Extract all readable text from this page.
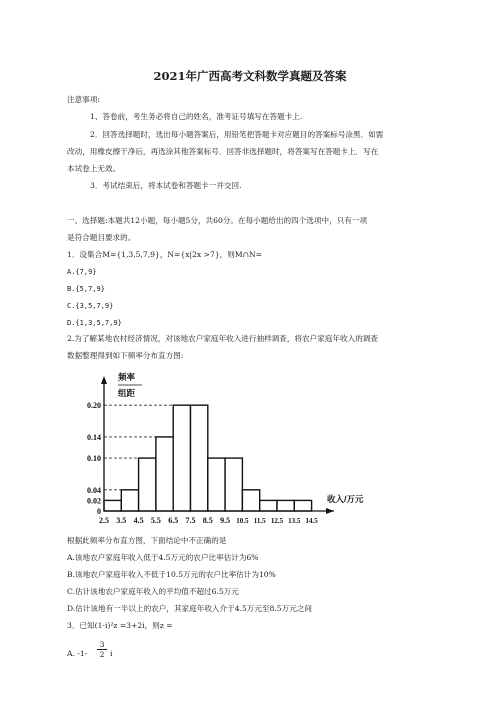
2021年广西高考文科数学真题及答案
注意事项:
1、答卷前，考生务必将自己的姓名，准考证号填写在答题卡上.
2．回答选择题时，选出每小题答案后，用铅笔把答题卡对应题目的答案标号涂黑．如需
改动，用橡皮擦干净后，再选涂其他答案标号．回答非选择题时，将答案写在答题卡上．写在
本试卷上无效。
3．考试结束后，将本试卷和答题卡一并交回.
一、选择题:本题共12小题，每小题5分，共60分。在每小题给出的四个选项中，只有一项
是符合题目要求的。
1．设集合M={1,3,5,7,9}，N={x|2x >7}，则M∩N=
A.{7,9}
B.{5,7,9}
C.{3,5,7,9}
D.{1,3,5,7,9}
2.为了解某地农村经济情况，对该地农户家庭年收入进行抽样调查，将农户家庭年收入的调查
数据整理得到如下频率分布直方图:
0.20
0.14
0.10
0.04
0.02
0
2.5 3.5 4.5 5.5 6.5 7.5 8.5 9.5 10.5 11.5 12.5 13.5 14.5
频率
组距
收入/万元
根据此频率分布直方图，下面结论中不正确的是
A.该地农户家庭年收入低于4.5万元的农户比率估计为6%
B.该地农户家庭年收入不低于10.5万元的农户比率估计为10%
C.估计该地农户家庭年收入的平均值不超过6.5万元
D.估计该地有一半以上的农户，其家庭年收入介于4.5万元至8.5万元之间
3．已知(1-i)²z =3+2i，则z =
A. -1-
3
2 i
